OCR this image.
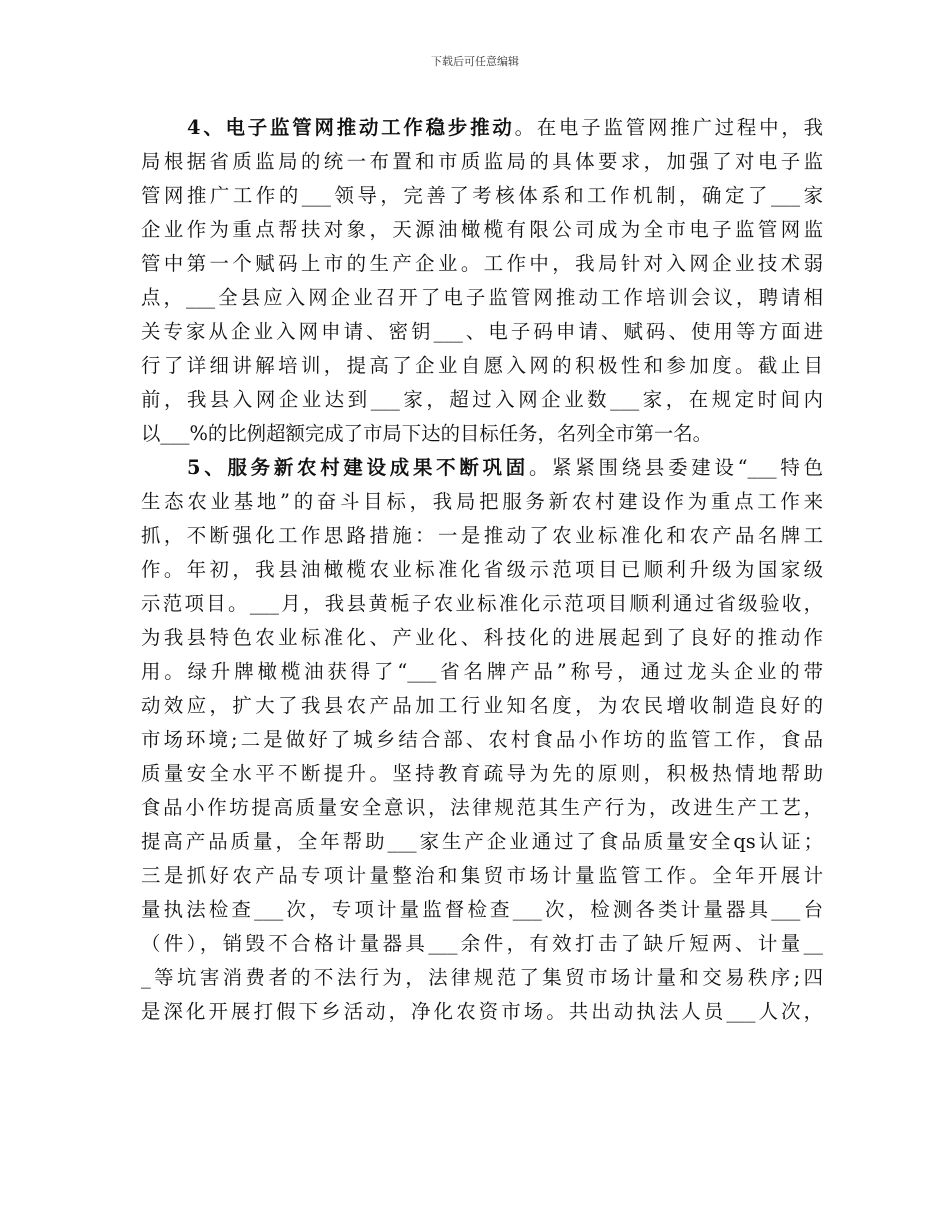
下载后可任意编辑
4、电子监管网推动工作稳步推动。在电子监管网推广过程中，我
局根据省质监局的统一布置和市质监局的具体要求，加强了对电子监
管网推广工作的___领导，完善了考核体系和工作机制，确定了___家
企业作为重点帮扶对象，天源油橄榄有限公司成为全市电子监管网监
管中第一个赋码上市的生产企业。工作中，我局针对入网企业技术弱
点，___全县应入网企业召开了电子监管网推动工作培训会议，聘请相
关专家从企业入网申请、密钥___、电子码申请、赋码、使用等方面进
行了详细讲解培训，提高了企业自愿入网的积极性和参加度。截止目
前，我县入网企业达到___家，超过入网企业数___家，在规定时间内
以___%的比例超额完成了市局下达的目标任务，名列全市第一名。
5、服务新农村建设成果不断巩固。紧紧围绕县委建设“___特色
生态农业基地”的奋斗目标，我局把服务新农村建设作为重点工作来
抓，不断强化工作思路措施：一是推动了农业标准化和农产品名牌工
作。年初，我县油橄榄农业标准化省级示范项目已顺利升级为国家级
示范项目。___月，我县黄栀子农业标准化示范项目顺利通过省级验收，
为我县特色农业标准化、产业化、科技化的进展起到了良好的推动作
用。绿升牌橄榄油获得了“___省名牌产品”称号，通过龙头企业的带
动效应，扩大了我县农产品加工行业知名度，为农民增收制造良好的
市场环境;二是做好了城乡结合部、农村食品小作坊的监管工作，食品
质量安全水平不断提升。坚持教育疏导为先的原则，积极热情地帮助
食品小作坊提高质量安全意识，法律规范其生产行为，改进生产工艺，
提高产品质量，全年帮助___家生产企业通过了食品质量安全qs认证；
三是抓好农产品专项计量整治和集贸市场计量监管工作。全年开展计
量执法检查___次，专项计量监督检查___次，检测各类计量器具___台
（件），销毁不合格计量器具___余件，有效打击了缺斤短两、计量__
_等坑害消费者的不法行为，法律规范了集贸市场计量和交易秩序;四
是深化开展打假下乡活动，净化农资市场。共出动执法人员___人次，
